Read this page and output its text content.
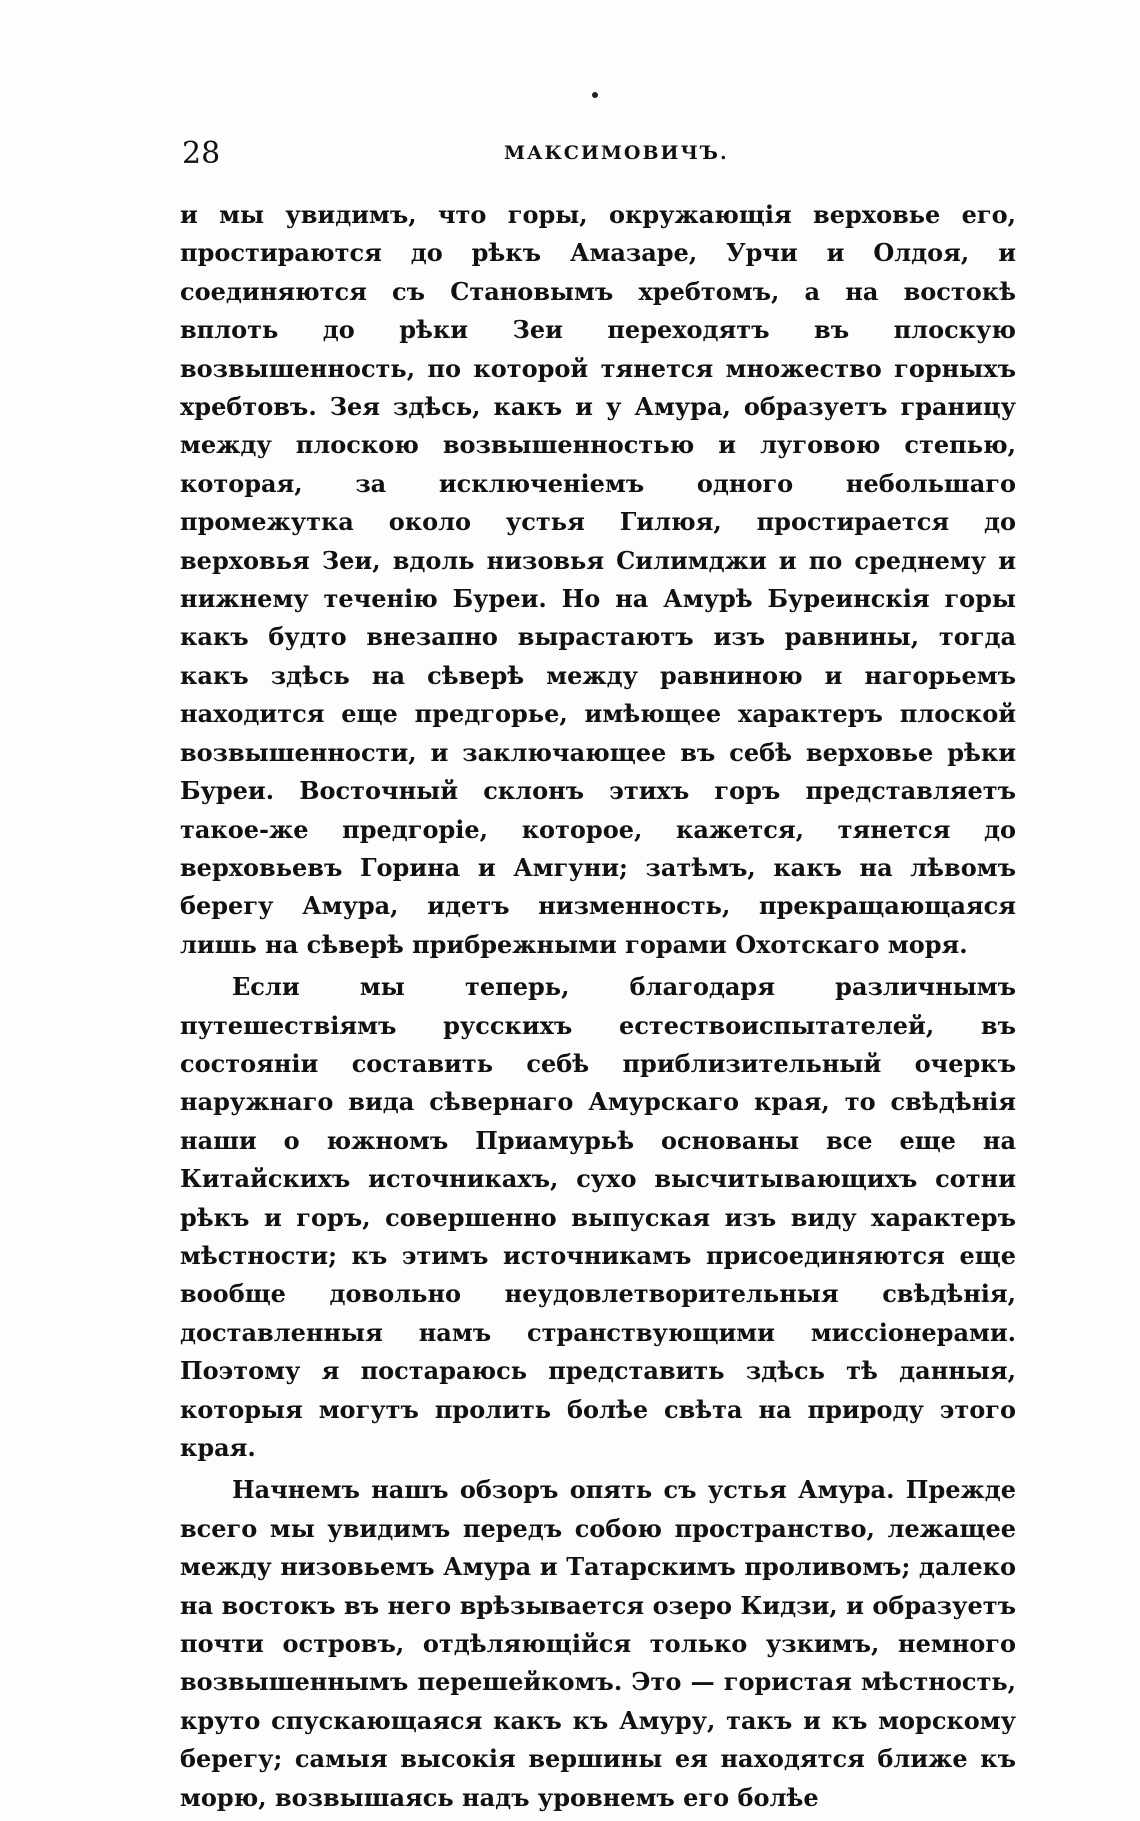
28	МАКСИМОВИЧЪ.

и мы увидимъ, что горы, окружающія верховье его, простираются до рѣкъ Амазаре, Урчи и Олдоя, и соединяются съ Становымъ хребтомъ, а на востокѣ вплоть до рѣки Зеи переходятъ въ плоскую возвышенность, по которой тянется множество горныхъ хребтовъ. Зея здѣсь, какъ и у Амура, образуетъ границу между плоскою возвышенностью и луговою степью, которая, за исключеніемъ одного небольшаго промежутка около устья Гилюя, простирается до верховья Зеи, вдоль низовья Силимджи и по среднему и нижнему теченію Буреи. Но на Амурѣ Буреинскія горы какъ будто внезапно вырастаютъ изъ равнины, тогда какъ здѣсь на сѣверѣ между равниною и нагорьемъ находится еще предгорье, имѣющее характеръ плоской возвышенности, и заключающее въ себѣ верховье рѣки Буреи. Восточный склонъ этихъ горъ представляетъ такое-же предгоріе, которое, кажется, тянется до верховьевъ Горина и Амгуни; затѣмъ, какъ на лѣвомъ берегу Амура, идетъ низменность, прекращающаяся лишь на сѣверѣ прибрежными горами Охотскаго моря.

Если мы теперь, благодаря различнымъ путешествіямъ русскихъ естествоиспытателей, въ состояніи составить себѣ приблизительный очеркъ наружнаго вида сѣвернаго Амурскаго края, то свѣдѣнія наши о южномъ Приамурьѣ основаны все еще на Китайскихъ источникахъ, сухо высчитывающихъ сотни рѣкъ и горъ, совершенно выпуская изъ виду характеръ мѣстности; къ этимъ источникамъ присоединяются еще вообще довольно неудовлетворительныя свѣдѣнія, доставленныя намъ странствующими миссіонерами. Поэтому я постараюсь представить здѣсь тѣ данныя, которыя могутъ пролить болѣе свѣта на природу этого края.

Начнемъ нашъ обзоръ опять съ устья Амура. Прежде всего мы увидимъ передъ собою пространство, лежащее между низовьемъ Амура и Татарскимъ проливомъ; далеко на востокъ въ него врѣзывается озеро Кидзи, и образуетъ почти островъ, отдѣляющійся только узкимъ, немного возвышеннымъ перешейкомъ. Это — гористая мѣстность, круто спускающаяся какъ къ Амуру, такъ и къ морскому берегу; самыя высокія вершины ея находятся ближе къ морю, возвышаясь надъ уровнемъ его болѣе
